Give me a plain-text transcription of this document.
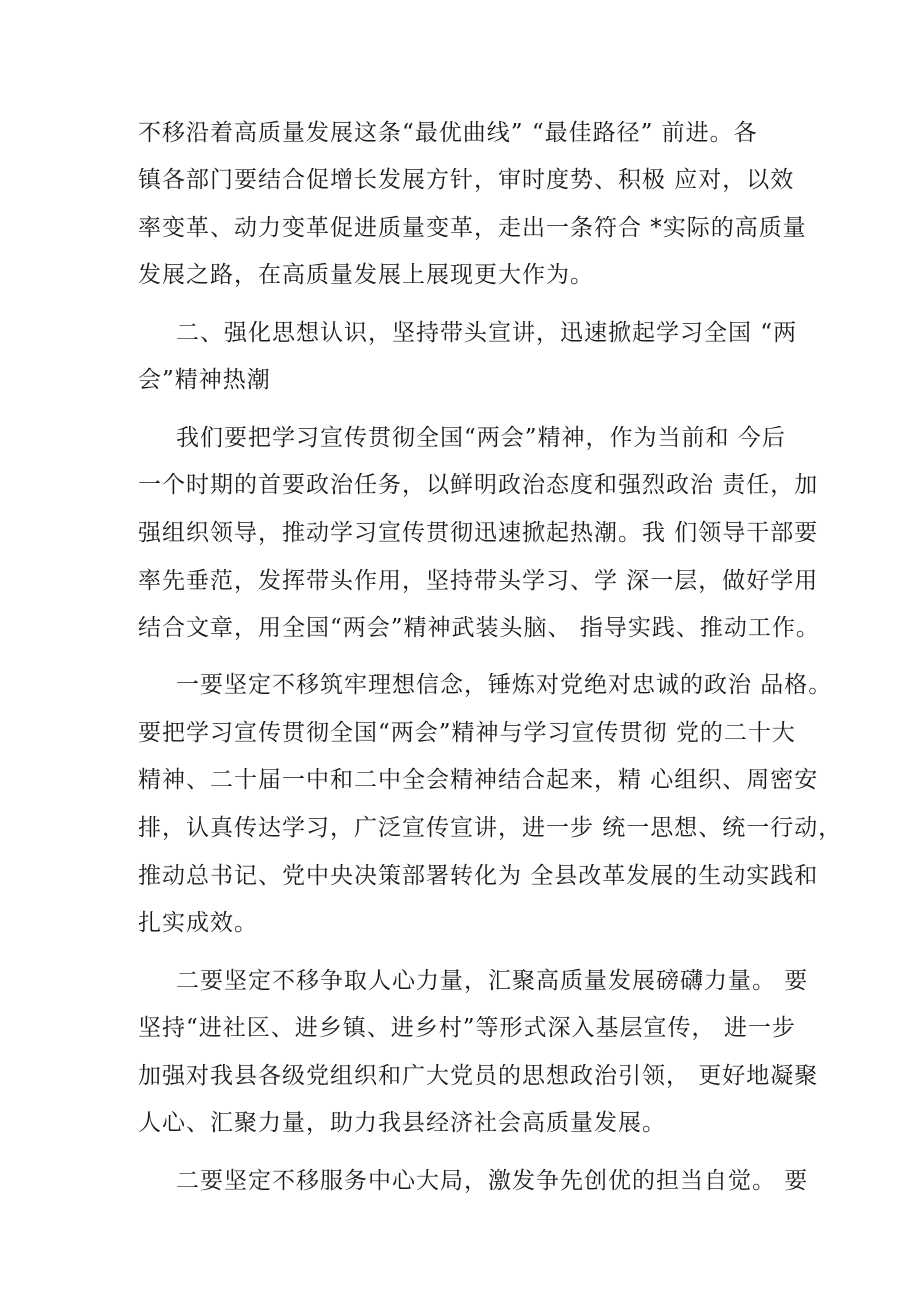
不移沿着高质量发展这条“最优曲线” “最佳路径” 前进。各
镇各部门要结合促增长发展方针，审时度势、积极 应对，以效
率变革、动力变革促进质量变革，走出一条符合 *实际的高质量
发展之路，在高质量发展上展现更大作为。
二、强化思想认识，坚持带头宣讲，迅速掀起学习全国 “两
会”精神热潮
我们要把学习宣传贯彻全国“两会”精神，作为当前和 今后
一个时期的首要政治任务，以鲜明政治态度和强烈政治 责任，加
强组织领导，推动学习宣传贯彻迅速掀起热潮。我 们领导干部要
率先垂范，发挥带头作用，坚持带头学习、学 深一层，做好学用
结合文章，用全国“两会”精神武装头脑、 指导实践、推动工作。
一要坚定不移筑牢理想信念，锤炼对党绝对忠诚的政治 品格。
要把学习宣传贯彻全国“两会”精神与学习宣传贯彻 党的二十大
精神、二十届一中和二中全会精神结合起来，精 心组织、周密安
排，认真传达学习，广泛宣传宣讲，进一步 统一思想、统一行动，
推动总书记、党中央决策部署转化为 全县改革发展的生动实践和
扎实成效。
二要坚定不移争取人心力量，汇聚高质量发展磅礴力量。 要
坚持“进社区、进乡镇、进乡村”等形式深入基层宣传， 进一步
加强对我县各级党组织和广大党员的思想政治引领， 更好地凝聚
人心、汇聚力量，助力我县经济社会高质量发展。
二要坚定不移服务中心大局，激发争先创优的担当自觉。 要
